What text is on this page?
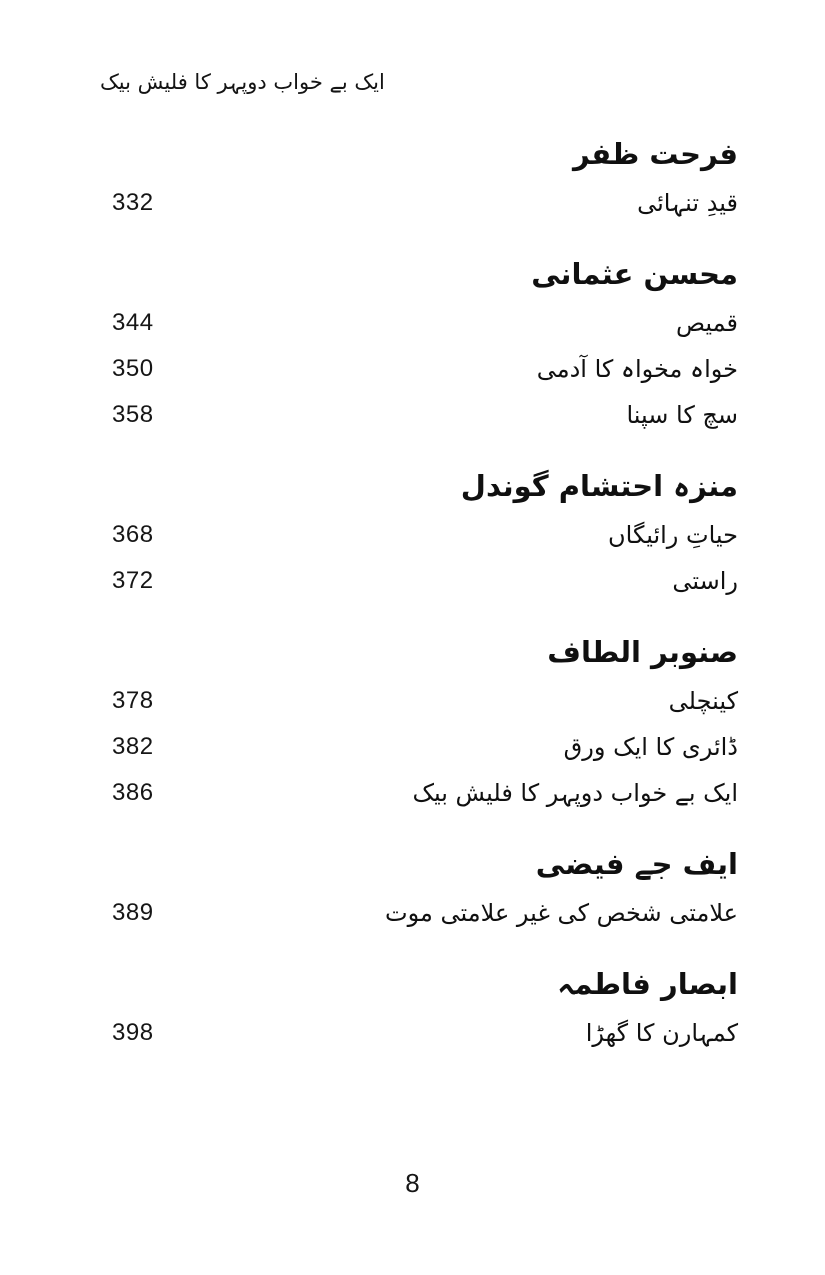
ایک بے خواب دوپہر کا فلیش بیک
فرحت ظفر
332	قیدِ تنہائی
محسن عثمانی
344	قمیص
350	خواہ مخواہ کا آدمی
358	سچ کا سپنا
منزہ احتشام گوندل
368	حیاتِ رائیگاں
372	راستی
صنوبر الطاف
378	کینچلی
382	ڈائری کا ایک ورق
386	ایک بے خواب دوپہر کا فلیش بیک
ایف جے فیضی
389	علامتی شخص کی غیر علامتی موت
ابصار فاطمہ
398	کمہارن کا گھڑا
8
